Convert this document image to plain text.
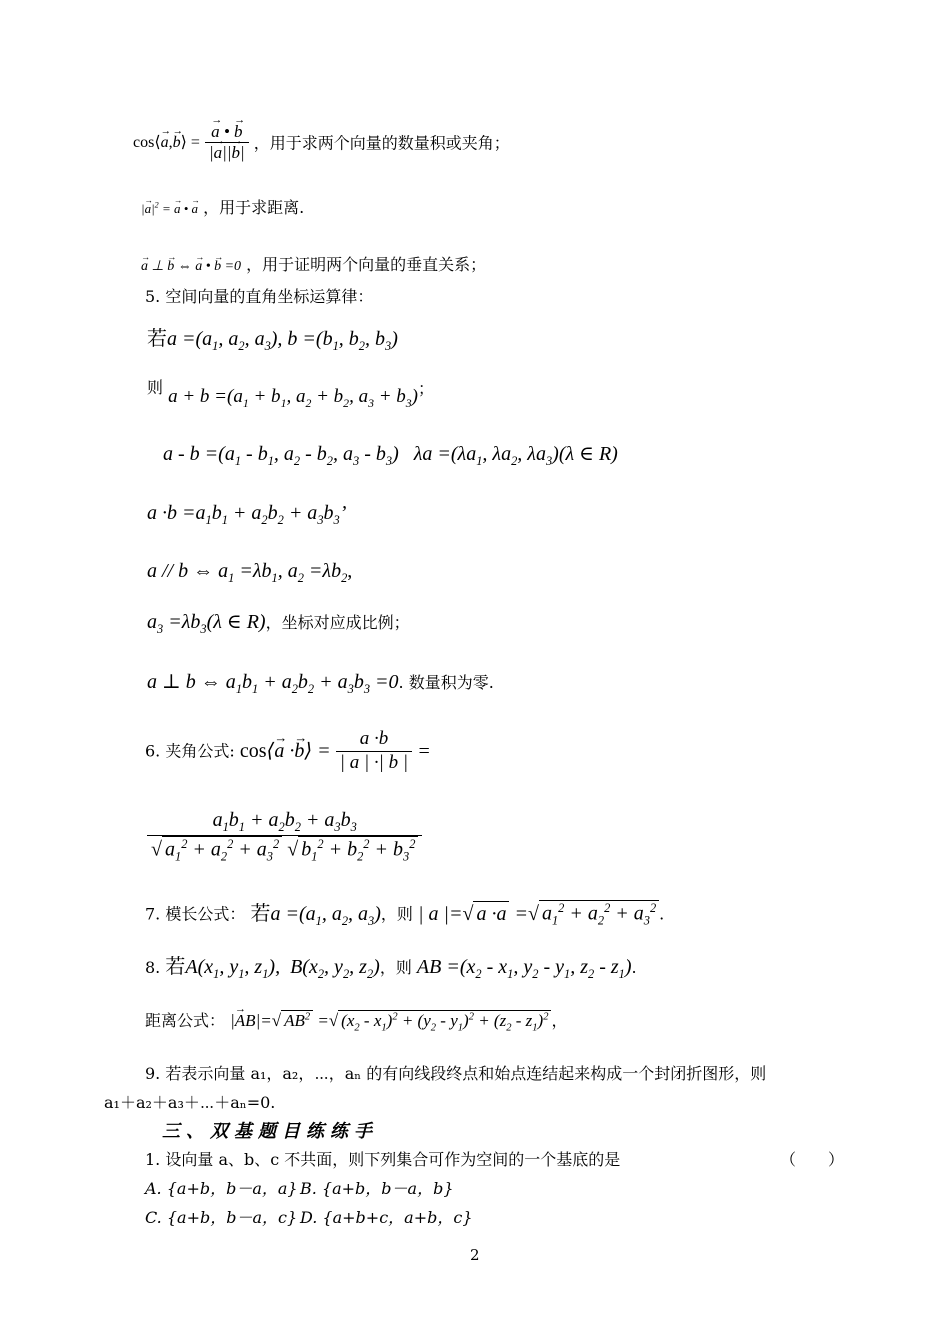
cos⟨→ a,→ b⟩ =
→ $\frac{a • \to b}{|\to a||\to b|}$ ，用于求两个向量的数量积或夹角；
|→ $a|^2$ = → a • → a ，用于求距离.
→ a ⊥ → b ⇔ → a • → b =0 ，用于证明两个向量的垂直关系；
5. 空间向量的直角坐标运算律：
若$a =(a_1$, $a_2$, $a_3$), $b =(b_1$, $b_2$, $b_3$)
则 $a + b =(a_1 + b_1$, $a_2 + b_2$, $a_3 + b_3$)；
$a - b =(a_1 - b_1$, $a_2 - b_2$, $a_3 - b_3$)   $\lambda a =(\lambda a_1$, $\lambda a_2$, $\lambda a_3)(\lambda$ ∈ R)
$a \cdot b =a_1b_1 + a_2b_2 + a_3b_3$’
a // b ⇔ $a_1 =\lambda b_1$, $a_2 =\lambda b_2$,
$a_3 =\lambda b_3(\lambda$ ∈ R)，坐标对应成比例；
a ⊥ b ⇔ $a_1b_1 + a_2b_2 + a_3b_3 =0$. 数量积为零.
6. 夹角公式: cos⟨→ a ·→ b⟩ = $\frac{a \cdot b}{| a | \cdot| b |}$ =
$\frac{a_1b_1 + a_2b_2 + a_3b_3}{√ a_1^2 + a_2^2 + a_3^2 √ b_1^2 + b_2^2 + b_3^2}$
7. 模长公式： 若$a =(a_1$, $a_2$, $a_3$)，则 | a |=√ a ·a =√ $a_1^2 + a_2^2 + a_3^2$ .
8. 若$A(x_1$, $y_1$, $z_1$),  $B(x_2$, $y_2$, $z_2$)，则 AB $=(x_2 - x_1$, $y_2 - y_1$, $z_2 - z_1$).
距离公式： |→ AB|=√ $AB^2$ =√ $(x_2 - x_1)^2 + (y_2 - y_1)^2 + (z_2 - z_1)^2$ ，
9. 若表示向量 a₁，a₂，⋯，aₙ 的有向线段终点和始点连结起来构成一个封闭折图形，则
a₁＋a₂＋a₃＋⋯＋aₙ=0.
三、双基题目练练手
1. 设向量 a、b、c 不共面，则下列集合可作为空间的一个基底的是	（　　）
A. {a+b，b－a，a} B. {a+b，b－a，b}
C. {a+b，b－a，c} D. {a+b+c，a+b，c}
2
